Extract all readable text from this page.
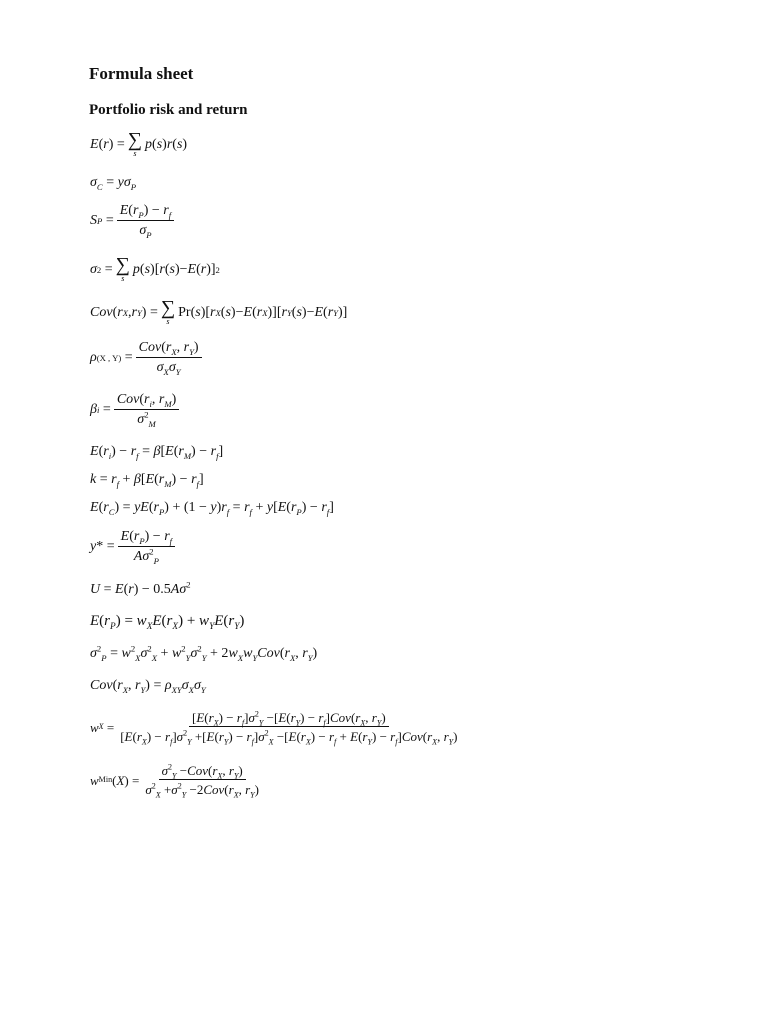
Formula sheet
Portfolio risk and return
E ( r )
= ∑
s
p ( s ) r ( s )
$\sigma_C = y\sigma_P$
S P
= $\frac{E(r_P) - r_f}{\sigma_P}$
σ 2
= ∑
s
p ( s )[ r ( s ) − E ( r )] 2
Cov ( r X , r Y )
= ∑
s
Pr( s )[ r X ( s ) − E ( r X )][ r Y ( s ) − E ( r Y )]
ρ (X , Y)
= $\frac{Cov(r_X, r_Y)}{\sigma_X\sigma_Y}$
β i
= $\frac{Cov(r_i, r_M)}{\sigma^2_M}$
$E(r_i) - r_f = \beta[E(r_M) - r_f]$
$k = r_f + \beta[E(r_M) - r_f]$
$E(r_C) = yE(r_P) + (1 - y)r_f = r_f + y[E(r_P) - r_f]$
y *
= $\frac{E(r_P) - r_f}{A\sigma^2_P}$
$U = E(r) - 0.5A\sigma^2$
$E(r_P) = w_XE(r_X) + w_YE(r_Y)$
$\sigma^2_P = w^2_X\sigma^2_X + w^2_Y\sigma^2_Y + 2w_Xw_YCov(r_X$, $r_Y$)
$Cov(r_X$, $r_Y) = \rho_{XY}\sigma_X\sigma_Y$
w X
=
$[E(r_X) - r_f]\sigma^2_Y -[E(r_Y) - r_f]Cov(r_X$, $r_Y$)
$[E(r_X) - r_f]\sigma^2_Y +[E(r_Y) - r_f]\sigma^2_X -[E(r_X) - r_f + E(r_Y) - r_f]Cov(r_X$, $r_Y$)
w Min ( X )
= $\frac{\sigma^2_Y -Cov(r_X, r_Y)}{\sigma^2_X +\sigma^2_Y -2Cov(r_X, r_Y)}$
